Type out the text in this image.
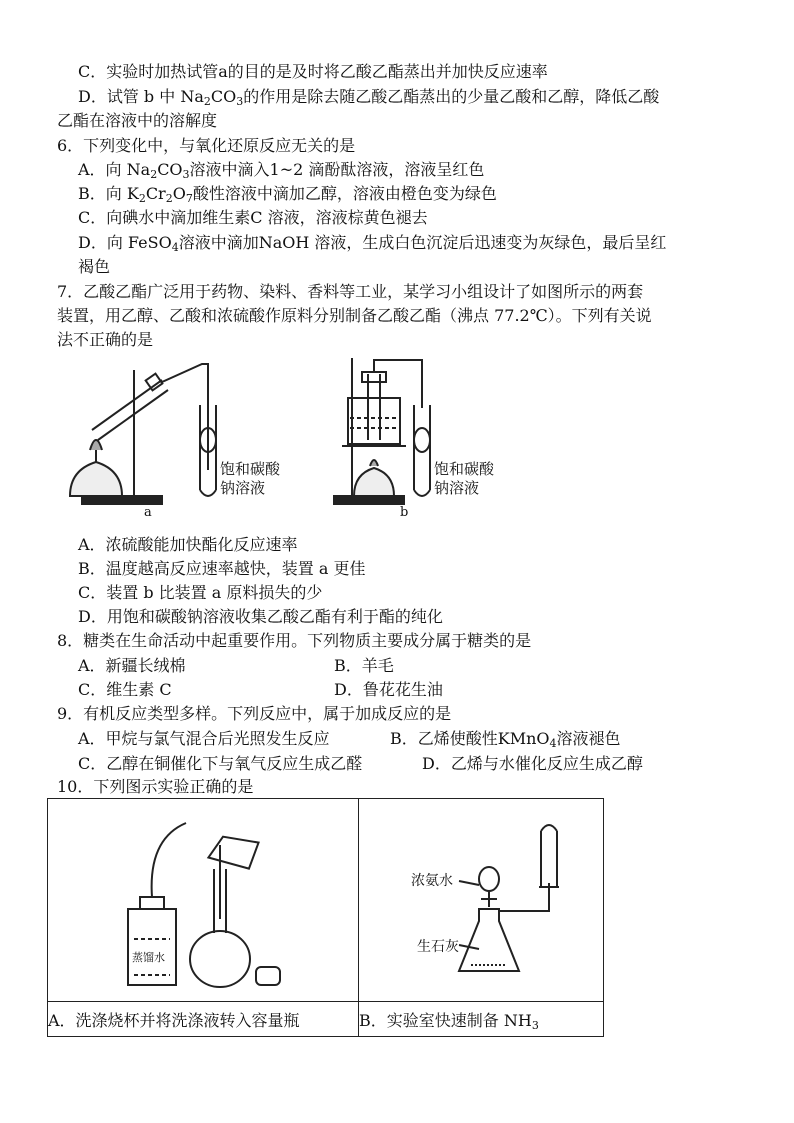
C．实验时加热试管a的目的是及时将乙酸乙酯蒸出并加快反应速率
D．试管 b 中 $Na_2CO_3$的作用是除去随乙酸乙酯蒸出的少量乙酸和乙醇，降低乙酸
乙酯在溶液中的溶解度
6．下列变化中，与氧化还原反应无关的是
A．向 $Na_2CO_3$溶液中滴入1~2 滴酚酞溶液，溶液呈红色
B．向 $K_2Cr_2O_7$酸性溶液中滴加乙醇，溶液由橙色变为绿色
C．向碘水中滴加维生素C 溶液，溶液棕黄色褪去
D．向 FeSO$_4$溶液中滴加NaOH 溶液，生成白色沉淀后迅速变为灰绿色，最后呈红
褐色
7．乙酸乙酯广泛用于药物、染料、香料等工业，某学习小组设计了如图所示的两套
装置，用乙醇、乙酸和浓硫酸作原料分别制备乙酸乙酯（沸点 77.2℃）。下列有关说
法不正确的是
饱和碳酸
钠溶液
a
饱和碳酸
钠溶液
b
A．浓硫酸能加快酯化反应速率
B．温度越高反应速率越快，装置 a 更佳
C．装置 b 比装置 a 原料损失的少
D．用饱和碳酸钠溶液收集乙酸乙酯有利于酯的纯化
8．糖类在生命活动中起重要作用。下列物质主要成分属于糖类的是
A．新疆长绒棉	B．羊毛
C．维生素 C	D．鲁花花生油
9．有机反应类型多样。下列反应中，属于加成反应的是
A．甲烷与氯气混合后光照发生反应	B．乙烯使酸性KMnO$_4$溶液褪色
C．乙醇在铜催化下与氧气反应生成乙醛	D．乙烯与水催化反应生成乙醇
10．下列图示实验正确的是
蒸馏水	浓氨水
生石灰

A．洗涤烧杯并将洗涤液转入容量瓶	B．实验室快速制备 $NH_3$
